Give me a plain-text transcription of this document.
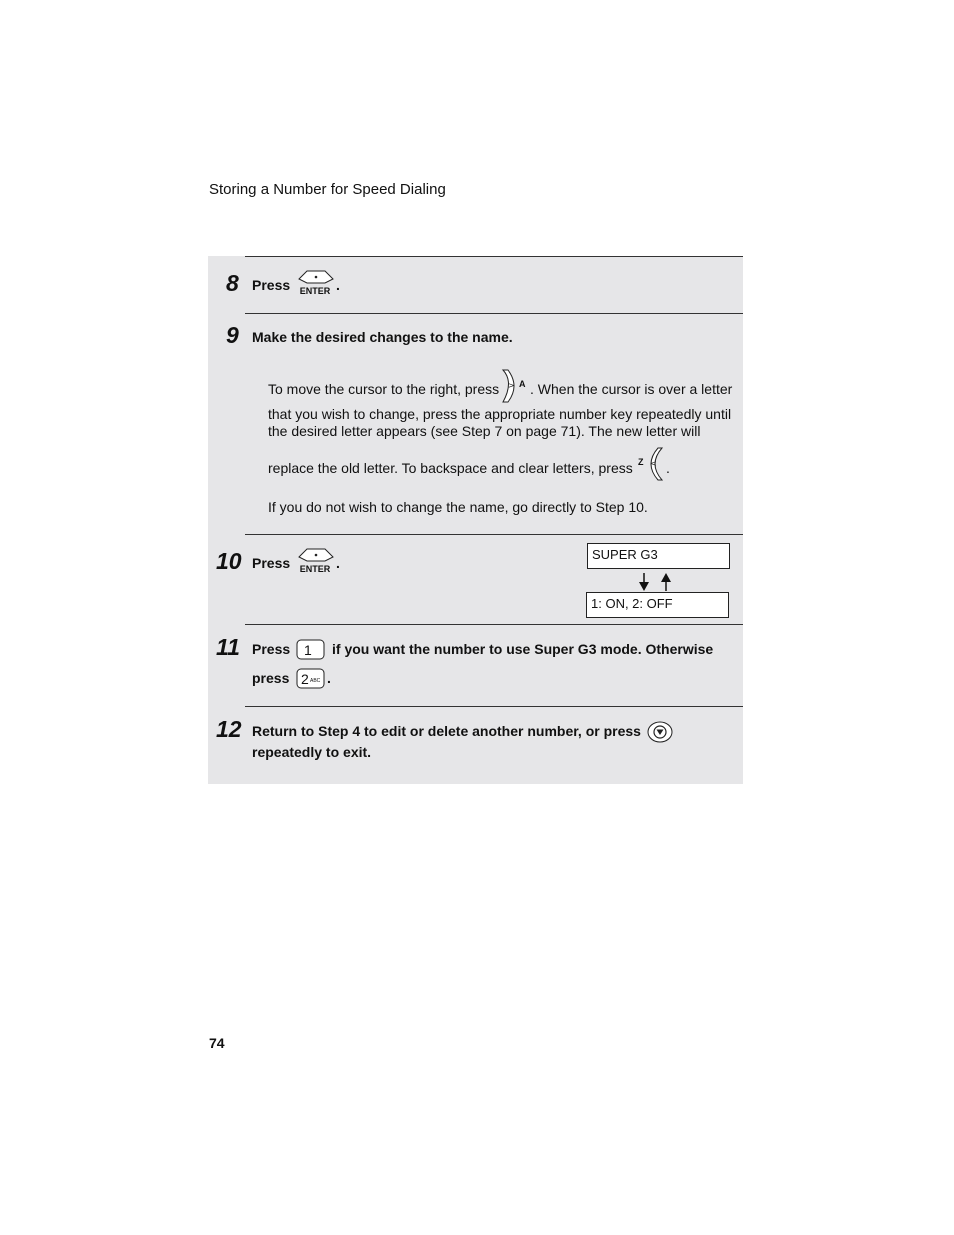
Storing a Number for Speed Dialing
8 Press ENTER .
9 Make the desired changes to the name.
To move the cursor to the right, press > A . When the cursor is over a letter
that you wish to change, press the appropriate number key repeatedly until
the desired letter appears (see Step 7 on page 71). The new letter will
replace the old letter. To backspace and clear letters, press Z < .
If you do not wish to change the name, go directly to Step 10.
10 Press ENTER .
SUPER G3
1: ON, 2: OFF
11 Press 1 if you want the number to use Super G3 mode. Otherwise
press 2 ABC .
12 Return to Step 4 to edit or delete another number, or press
repeatedly to exit.
74
